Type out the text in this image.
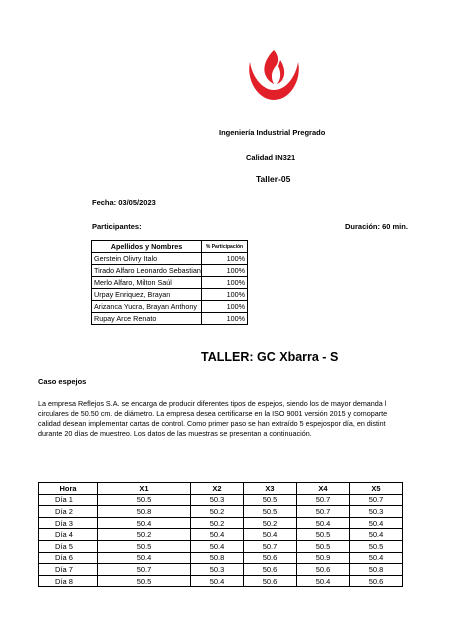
Ingeniería Industrial Pregrado
Calidad IN321
Taller-05
Fecha: 03/05/2023
Participantes:	Duración: 60 min.
Apellidos y Nombres	% Participación
Gerstein Olivry Italo	100%
Tirado Alfaro Leonardo Sebastian	100%
Merlo Alfaro, Milton Saúl	100%
Urpay Enriquez, Brayan	100%
Arizanca Yucra, Brayan Anthony	100%
Rupay Arce Renato	100%
TALLER: GC Xbarra - S
Caso espejos
La empresa Reflejos S.A. se encarga de producir diferentes tipos de espejos, siendo los de mayor demanda l
circulares de 50.50 cm. de diámetro. La empresa desea certificarse en la ISO 9001 versión 2015 y comoparte
calidad desean implementar cartas de control. Como primer paso se han extraído 5 espejospor día, en distint
durante 20 días de muestreo. Los datos de las muestras se presentan a continuación.
Hora	X1	X2	X3	X4	X5
Día 1	50.5	50.3	50.5	50.7	50.7
Día 2	50.8	50.2	50.5	50.7	50.3
Día 3	50.4	50.2	50.2	50.4	50.4
Día 4	50.2	50.4	50.4	50.5	50.4
Día 5	50.5	50.4	50.7	50.5	50.5
Día 6	50.4	50.8	50.6	50.9	50.4
Día 7	50.7	50.3	50.6	50.6	50.8
Día 8	50.5	50.4	50.6	50.4	50.6
